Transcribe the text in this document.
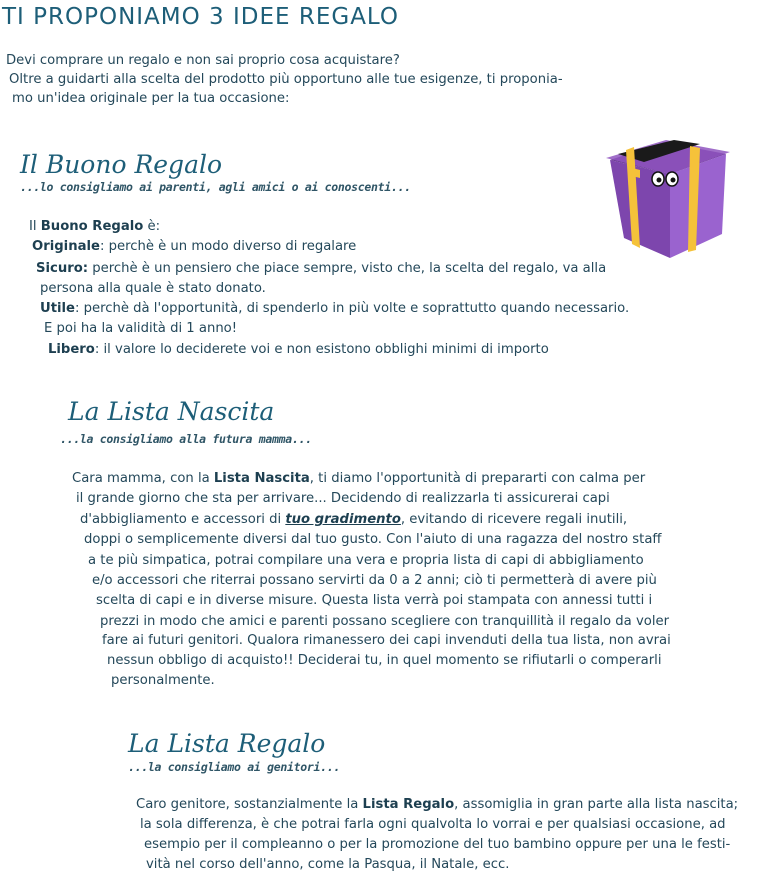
TI PROPONIAMO 3 IDEE REGALO
Devi comprare un regalo e non sai proprio cosa acquistare?
Oltre a guidarti alla scelta del prodotto più opportuno alle tue esigenze, ti proponia-
mo un'idea originale per la tua occasione:
Il Buono Regalo
...lo consigliamo ai parenti, agli amici o ai conoscenti...
Il Buono Regalo è:
Originale: perchè è un modo diverso di regalare
Sicuro: perchè è un pensiero che piace sempre, visto che, la scelta del regalo, va alla
persona alla quale è stato donato.
Utile: perchè dà l'opportunità, di spenderlo in più volte e soprattutto quando necessario.
E poi ha la validità di 1 anno!
Libero: il valore lo deciderete voi e non esistono obblighi minimi di importo
La Lista Nascita
...la consigliamo alla futura mamma...
Cara mamma, con la Lista Nascita, ti diamo l'opportunità di prepararti con calma per
il grande giorno che sta per arrivare... Decidendo di realizzarla ti assicurerai capi
d'abbigliamento e accessori di tuo gradimento, evitando di ricevere regali inutili,
doppi o semplicemente diversi dal tuo gusto. Con l'aiuto di una ragazza del nostro staff
a te più simpatica, potrai compilare una vera e propria lista di capi di abbigliamento
e/o accessori che riterrai possano servirti da 0 a 2 anni; ciò ti permetterà di avere più
scelta di capi e in diverse misure. Questa lista verrà poi stampata con annessi tutti i
prezzi in modo che amici e parenti possano scegliere con tranquillità il regalo da voler
fare ai futuri genitori. Qualora rimanessero dei capi invenduti della tua lista, non avrai
nessun obbligo di acquisto!! Deciderai tu, in quel momento se rifiutarli o comperarli
personalmente.
La Lista Regalo
...la consigliamo ai genitori...
Caro genitore, sostanzialmente la Lista Regalo, assomiglia in gran parte alla lista nascita;
la sola differenza, è che potrai farla ogni qualvolta lo vorrai e per qualsiasi occasione, ad
esempio per il compleanno o per la promozione del tuo bambino oppure per una le festi-
vità nel corso dell'anno, come la Pasqua, il Natale, ecc.
